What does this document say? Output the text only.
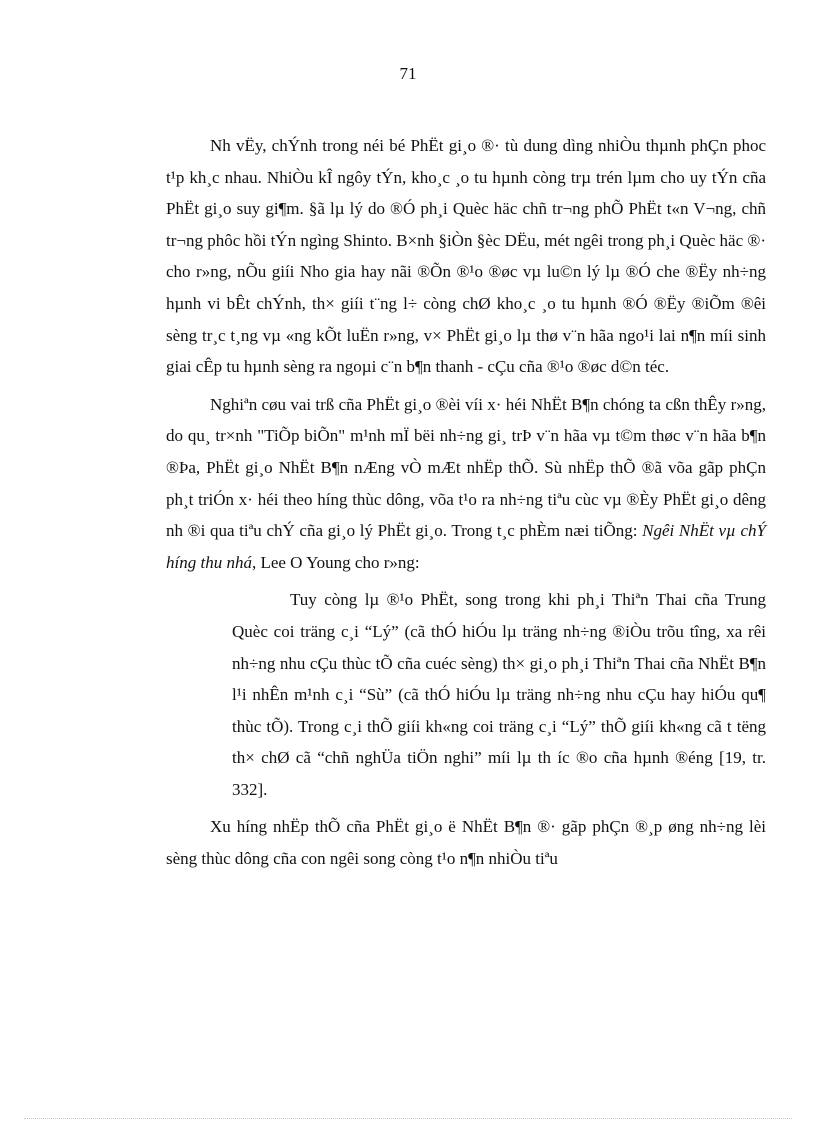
71

Nh vËy, chÝnh trong néi bé PhËt gi¸o ®· tù dung dìng nhiÒu thµnh phÇn phoc t¹p kh¸c nhau. NhiÒu kÎ ngôy tÝn, kho¸c ¸o tu hµnh còng trµ trén lµm cho uy tÝn cña PhËt gi¸o suy gi¶m. §ã lµ lý do ®Ó ph¸i Quèc häc chñ tr¬ng phÕ PhËt t«n V¬ng, chñ tr¬ng phôc hồi tÝn ngìng Shinto. B×nh §iÒn §èc DËu, mét ngêi trong ph¸i Quèc häc ®· cho r»ng, nÕu giíi Nho gia hay nãi ®Õn ®¹o ®øc vµ lu©n lý lµ ®Ó che ®Ëy nh÷ng hµnh vi bÊt chÝnh, th× giíi t¨ng l÷ còng chØ kho¸c ¸o tu hµnh ®Ó ®Ëy ®iÕm ®êi sèng tr¸c t¸ng vµ «ng kÕt luËn r»ng, v× PhËt gi¸o lµ thø v¨n hãa ngo¹i lai n¶n míi sinh giai cÊp tu hµnh sèng ra ngoµi c¨n b¶n thanh - cÇu cña ®¹o ®øc d©n téc.

Nghiªn cøu vai trß cña PhËt gi¸o ®èi víi x· héi NhËt B¶n chóng ta cßn thÊy r»ng, do qu¸ tr×nh "TiÕp biÕn" m¹nh mÏ bëi nh÷ng gi¸ trÞ v¨n hãa vµ t©m thøc v¨n hãa b¶n ®Þa, PhËt gi¸o NhËt B¶n nÆng vÒ mÆt nhËp thÕ. Sù nhËp thÕ ®ã võa gãp phÇn ph¸t triÓn x· héi theo híng thùc dông, võa t¹o ra nh÷ng tiªu cùc vµ ®Èy PhËt gi¸o dêng nh ®i qua tiªu chÝ cña gi¸o lý PhËt gi¸o. Trong t¸c phÈm næi tiÕng: Ngêi NhËt vµ chÝ híng thu nhá, Lee O Young cho r»ng:

Tuy còng lµ ®¹o PhËt, song trong khi ph¸i Thiªn Thai cña Trung Quèc coi träng c¸i “Lý” (cã thÓ hiÓu lµ träng nh÷ng ®iÒu trõu tîng, xa rêi nh÷ng nhu cÇu thùc tÕ cña cuéc sèng) th× gi¸o ph¸i Thiªn Thai cña NhËt B¶n l¹i nhÊn m¹nh c¸i “Sù” (cã thÓ hiÓu lµ träng nh÷ng nhu cÇu hay hiÓu qu¶ thùc tÕ). Trong c¸i thÕ giíi kh«ng coi träng c¸i “Lý” thÕ giíi kh«ng cã t tëng th× chØ cã “chñ nghÜa tiÖn nghi” míi lµ th íc ®o cña hµnh ®éng [19, tr. 332].

Xu híng nhËp thÕ cña PhËt gi¸o ë NhËt B¶n ®· gãp phÇn ®¸p øng nh÷ng lèi sèng thùc dông cña con ngêi song còng t¹o n¶n nhiÒu tiªu
